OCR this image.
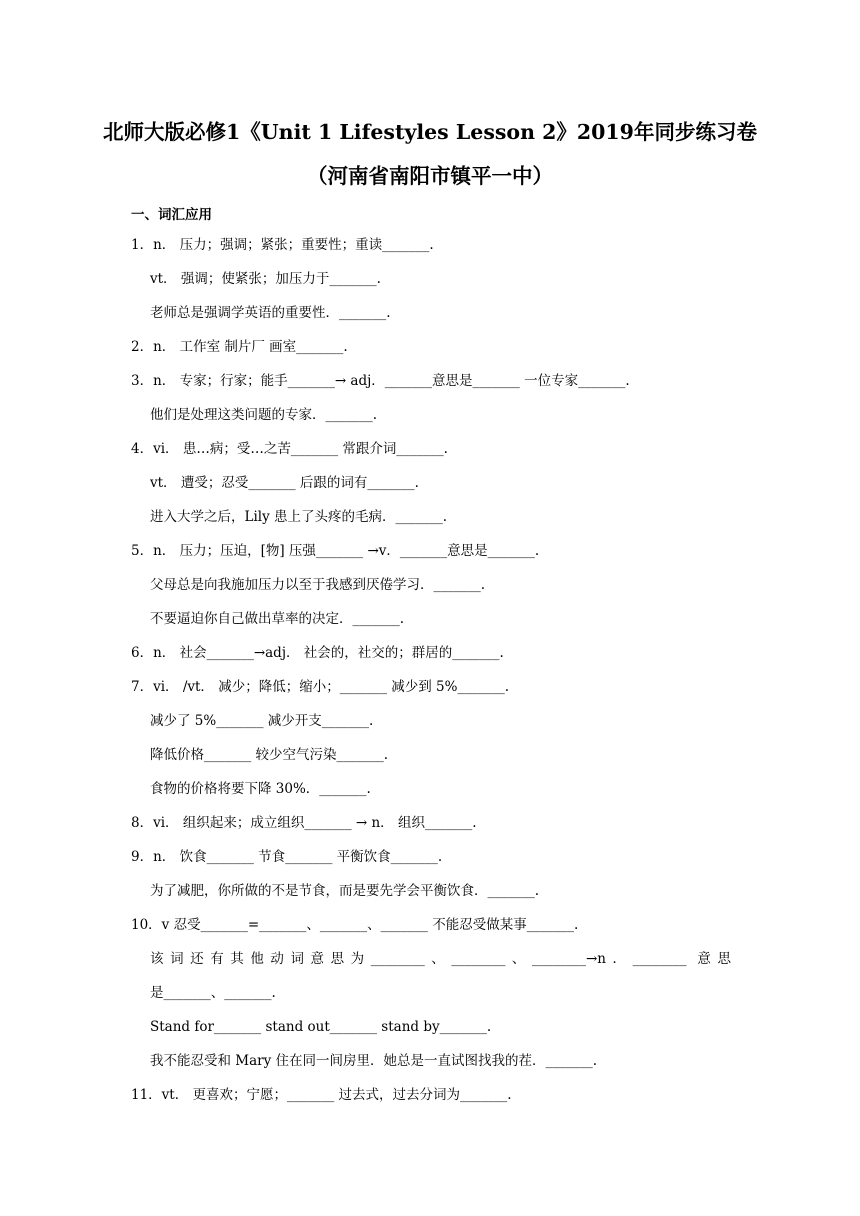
北师大版必修1《Unit 1 Lifestyles Lesson 2》2019年同步练习卷
（河南省南阳市镇平一中）
一、词汇应用
1．n． 压力；强调；紧张；重要性；重读_______.
vt． 强调；使紧张；加压力于_______.
老师总是强调学英语的重要性．_______.
2．n． 工作室 制片厂 画室_______.
3．n． 专家；行家；能手_______→ adj．_______意思是_______ 一位专家_______.
他们是处理这类问题的专家．_______.
4．vi． 患…病；受…之苦_______ 常跟介词_______.
vt． 遭受；忍受_______ 后跟的词有_______.
进入大学之后，Lily 患上了头疼的毛病．_______.
5．n． 压力；压迫，[物] 压强_______ →v．_______意思是_______.
父母总是向我施加压力以至于我感到厌倦学习．_______.
不要逼迫你自己做出草率的决定．_______.
6．n． 社会_______→adj． 社会的，社交的；群居的_______.
7．vi． /vt． 减少；降低；缩小；_______ 减少到 5%_______.
减少了 5%_______ 减少开支_______.
降低价格_______ 较少空气污染_______.
食物的价格将要下降 30%．_______.
8．vi． 组织起来；成立组织_______ → n． 组织_______.
9．n． 饮食_______ 节食_______ 平衡饮食_______.
为了减肥，你所做的不是节食，而是要先学会平衡饮食．_______.
10．v 忍受_______=_______、_______、_______ 不能忍受做某事_______.
该词还有其他动词意思为________、________、________→n．________ 意思
是_______、_______.
Stand for_______ stand out_______ stand by_______.
我不能忍受和 Mary 住在同一间房里．她总是一直试图找我的茬．_______.
11．vt． 更喜欢；宁愿；_______ 过去式，过去分词为_______.
